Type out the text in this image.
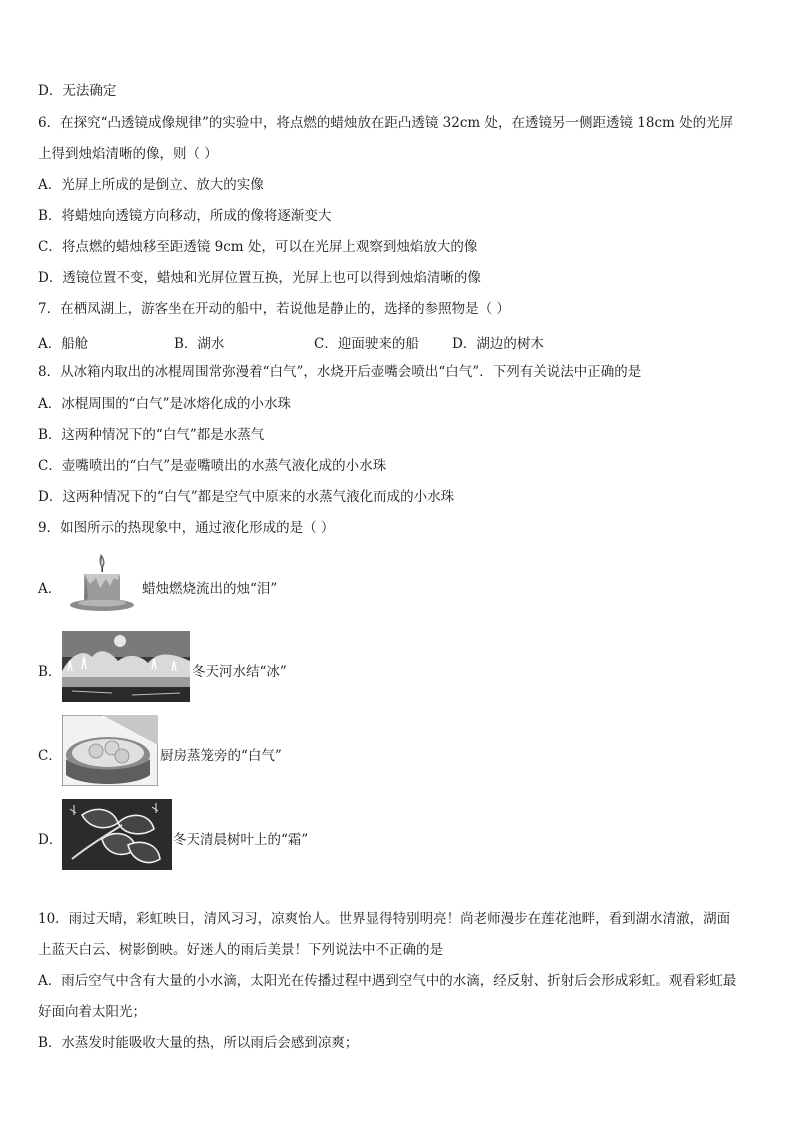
D．无法确定
6．在探究“凸透镜成像规律”的实验中，将点燃的蜡烛放在距凸透镜 32cm 处，在透镜另一侧距透镜 18cm 处的光屏
上得到烛焰清晰的像，则（ ）
A．光屏上所成的是倒立、放大的实像
B．将蜡烛向透镜方向移动，所成的像将逐渐变大
C．将点燃的蜡烛移至距透镜 9cm 处，可以在光屏上观察到烛焰放大的像
D．透镜位置不变，蜡烛和光屏位置互换，光屏上也可以得到烛焰清晰的像
7．在栖凤湖上，游客坐在开动的船中，若说他是静止的，选择的参照物是（ ）
A．船舱	B．湖水	C．迎面驶来的船 D．湖边的树木
8．从冰箱内取出的冰棍周围常弥漫着“白气”，水烧开后壶嘴会喷出“白气”．下列有关说法中正确的是
A．冰棍周围的“白气”是冰熔化成的小水珠
B．这两种情况下的“白气”都是水蒸气
C．壶嘴喷出的“白气”是壶嘴喷出的水蒸气液化成的小水珠
D．这两种情况下的“白气”都是空气中原来的水蒸气液化而成的小水珠
9．如图所示的热现象中，通过液化形成的是（ ）
A．	蜡烛燃烧流出的烛“泪”
B．	冬天河水结“冰”
C．	厨房蒸笼旁的“白气”
D．	冬天清晨树叶上的“霜”
10．雨过天晴，彩虹映日，清风习习，凉爽怡人。世界显得特别明亮！尚老师漫步在莲花池畔，看到湖水清澈，湖面
上蓝天白云、树影倒映。好迷人的雨后美景！下列说法中不正确的是
A．雨后空气中含有大量的小水滴，太阳光在传播过程中遇到空气中的水滴，经反射、折射后会形成彩虹。观看彩虹最
好面向着太阳光；
B．水蒸发时能吸收大量的热，所以雨后会感到凉爽；
